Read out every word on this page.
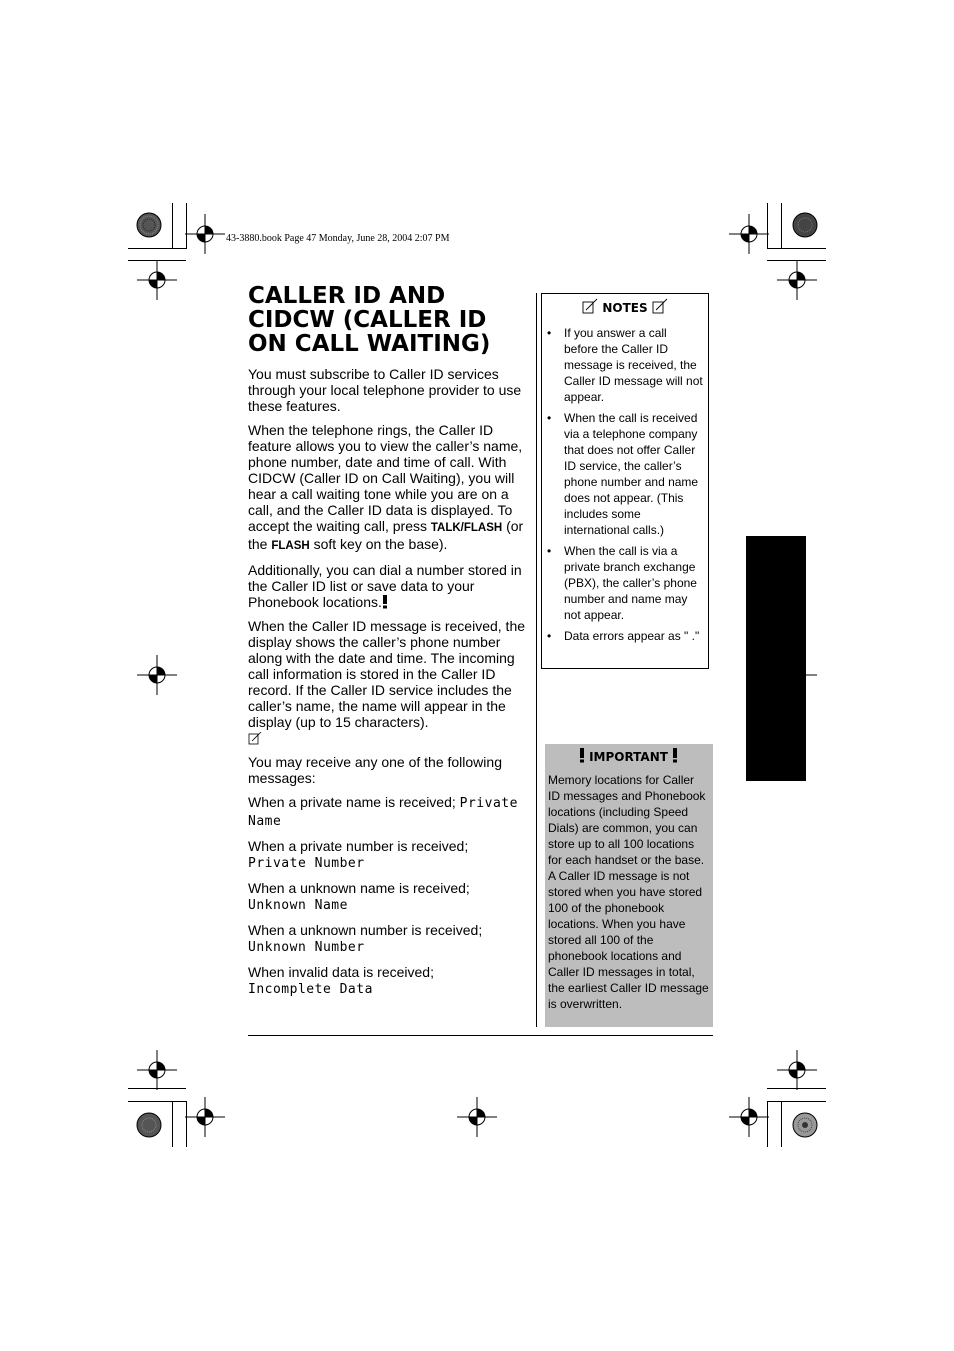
43-3880.book Page 47 Monday, June 28, 2004 2:07 PM
CALLER ID AND CIDCW (CALLER ID ON CALL WAITING)

You must subscribe to Caller ID services through your local telephone provider to use these features.

When the telephone rings, the Caller ID feature allows you to view the caller’s name, phone number, date and time of call. With CIDCW (Caller ID on Call Waiting), you will hear a call waiting tone while you are on a call, and the Caller ID data is displayed. To accept the waiting call, press TALK/FLASH (or the FLASH soft key on the base).

Additionally, you can dial a number stored in the Caller ID list or save data to your Phonebook locations.

When the Caller ID message is received, the display shows the caller’s phone number along with the date and time. The incoming call information is stored in the Caller ID record. If the Caller ID service includes the caller’s name, the name will appear in the display (up to 15 characters).

You may receive any one of the following messages:

When a private name is received; Private Name

When a private number is received;
Private Number

When a unknown name is received;
Unknown Name

When a unknown number is received;
Unknown Number

When invalid data is received;
Incomplete Data

NOTES
• If you answer a call before the Caller ID message is received, the Caller ID message will not appear.
• When the call is received via a telephone company that does not offer Caller ID service, the caller’s phone number and name does not appear. (This includes some international calls.)
• When the call is via a private branch exchange (PBX), the caller’s phone number and name may not appear.
• Data errors appear as " ."
IMPORTANT
Memory locations for Caller ID messages and Phonebook locations (including Speed Dials) are common, you can store up to all 100 locations for each handset or the base. A Caller ID message is not stored when you have stored 100 of the phonebook locations. When you have stored all 100 of the phonebook locations and Caller ID messages in total, the earliest Caller ID message is overwritten.
